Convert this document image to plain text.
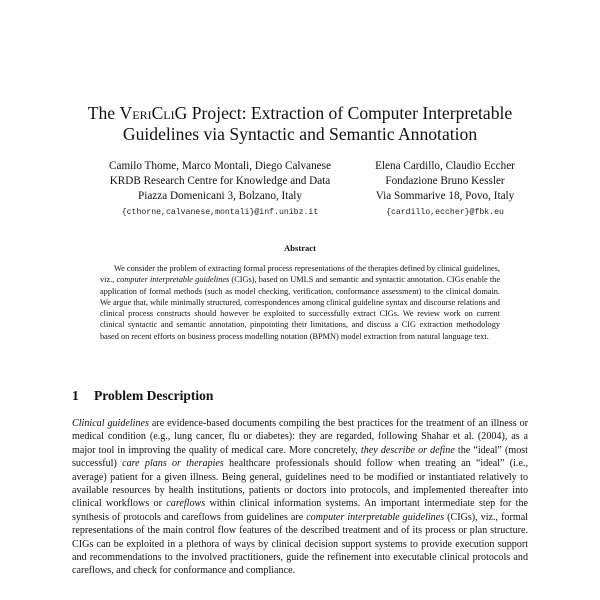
The VeriCliG Project: Extraction of Computer Interpretable
Guidelines via Syntactic and Semantic Annotation
Camilo Thome, Marco Montali, Diego Calvanese
KRDB Research Centre for Knowledge and Data
Piazza Domenicani 3, Bolzano, Italy
{cthorne,calvanese,montali}@inf.unibz.it
Elena Cardillo, Claudio Eccher
Fondazione Bruno Kessler
Via Sommarive 18, Povo, Italy
{cardillo,eccher}@fbk.eu
Abstract

We consider the problem of extracting formal process representations of the therapies defined by clinical guidelines, viz., computer interpretable guidelines (CIGs), based on UMLS and semantic and syntactic annotation. CIGs enable the application of formal methods (such as model checking, verification, conformance assessment) to the clinical domain. We argue that, while minimally structured, correspondences among clinical guideline syntax and discourse relations and clinical process constructs should however be exploited to successfully extract CIGs. We review work on current clinical syntactic and semantic annotation, pinpointing their limitations, and discuss a CIG extraction methodology based on recent efforts on business process modelling notation (BPMN) model extraction from natural language text.

1 Problem Description

Clinical guidelines are evidence-based documents compiling the best practices for the treatment of an illness or medical condition (e.g., lung cancer, flu or diabetes): they are regarded, following Shahar et al. (2004), as a major tool in improving the quality of medical care. More concretely, they describe or define the “ideal” (most successful) care plans or therapies healthcare professionals should follow when treating an “ideal” (i.e., average) patient for a given illness. Being general, guidelines need to be modified or instantiated relatively to available resources by health institutions, patients or doctors into protocols, and implemented thereafter into clinical workflows or careflows within clinical information systems. An important intermediate step for the synthesis of protocols and careflows from guidelines are computer interpretable guidelines (CIGs), viz., formal representations of the main control flow features of the described treatment and of its process or plan structure. CIGs can be exploited in a plethora of ways by clinical decision support systems to provide execution support and recommendations to the involved practitioners, guide the refinement into executable clinical protocols and careflows, and check for conformance and compliance.
